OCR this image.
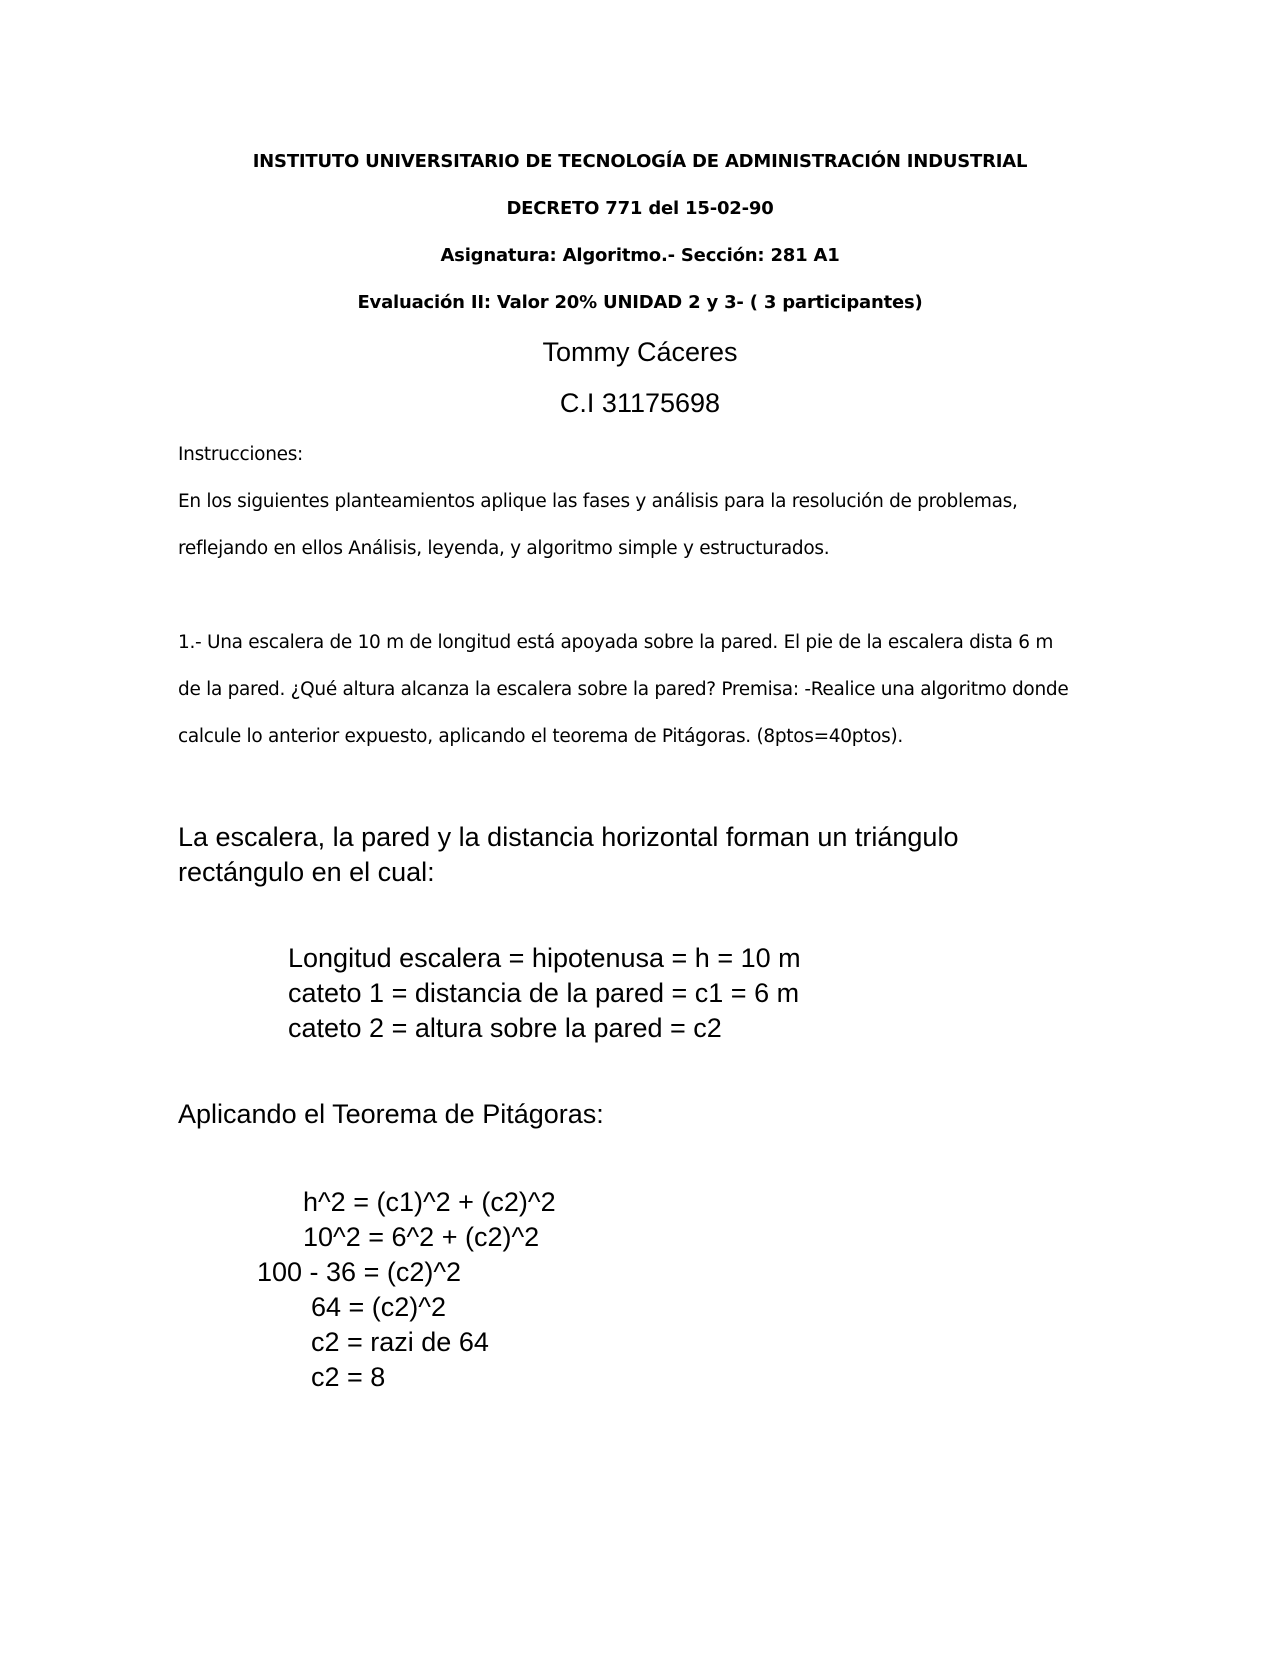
INSTITUTO UNIVERSITARIO DE TECNOLOGÍA DE ADMINISTRACIÓN INDUSTRIAL
DECRETO 771 del 15-02-90
Asignatura: Algoritmo.- Sección: 281 A1
Evaluación II: Valor 20% UNIDAD 2 y 3- ( 3 participantes)
Tommy Cáceres
C.I 31175698
Instrucciones:
En los siguientes planteamientos aplique las fases y análisis para la resolución de problemas,
reflejando en ellos Análisis, leyenda, y algoritmo simple y estructurados.
1.- Una escalera de 10 m de longitud está apoyada sobre la pared. El pie de la escalera dista 6 m
de la pared. ¿Qué altura alcanza la escalera sobre la pared? Premisa: -Realice una algoritmo donde
calcule lo anterior expuesto, aplicando el teorema de Pitágoras. (8ptos=40ptos).
La escalera, la pared y la distancia horizontal forman un triángulo
rectángulo en el cual:
Longitud escalera = hipotenusa = h = 10 m
cateto 1 = distancia de la pared = c1 = 6 m
cateto 2 = altura sobre la pared = c2
Aplicando el Teorema de Pitágoras:
h^2 = (c1)^2 + (c2)^2
10^2 = 6^2 + (c2)^2
100 - 36 = (c2)^2
64 = (c2)^2
c2 = razi de 64
c2 = 8
